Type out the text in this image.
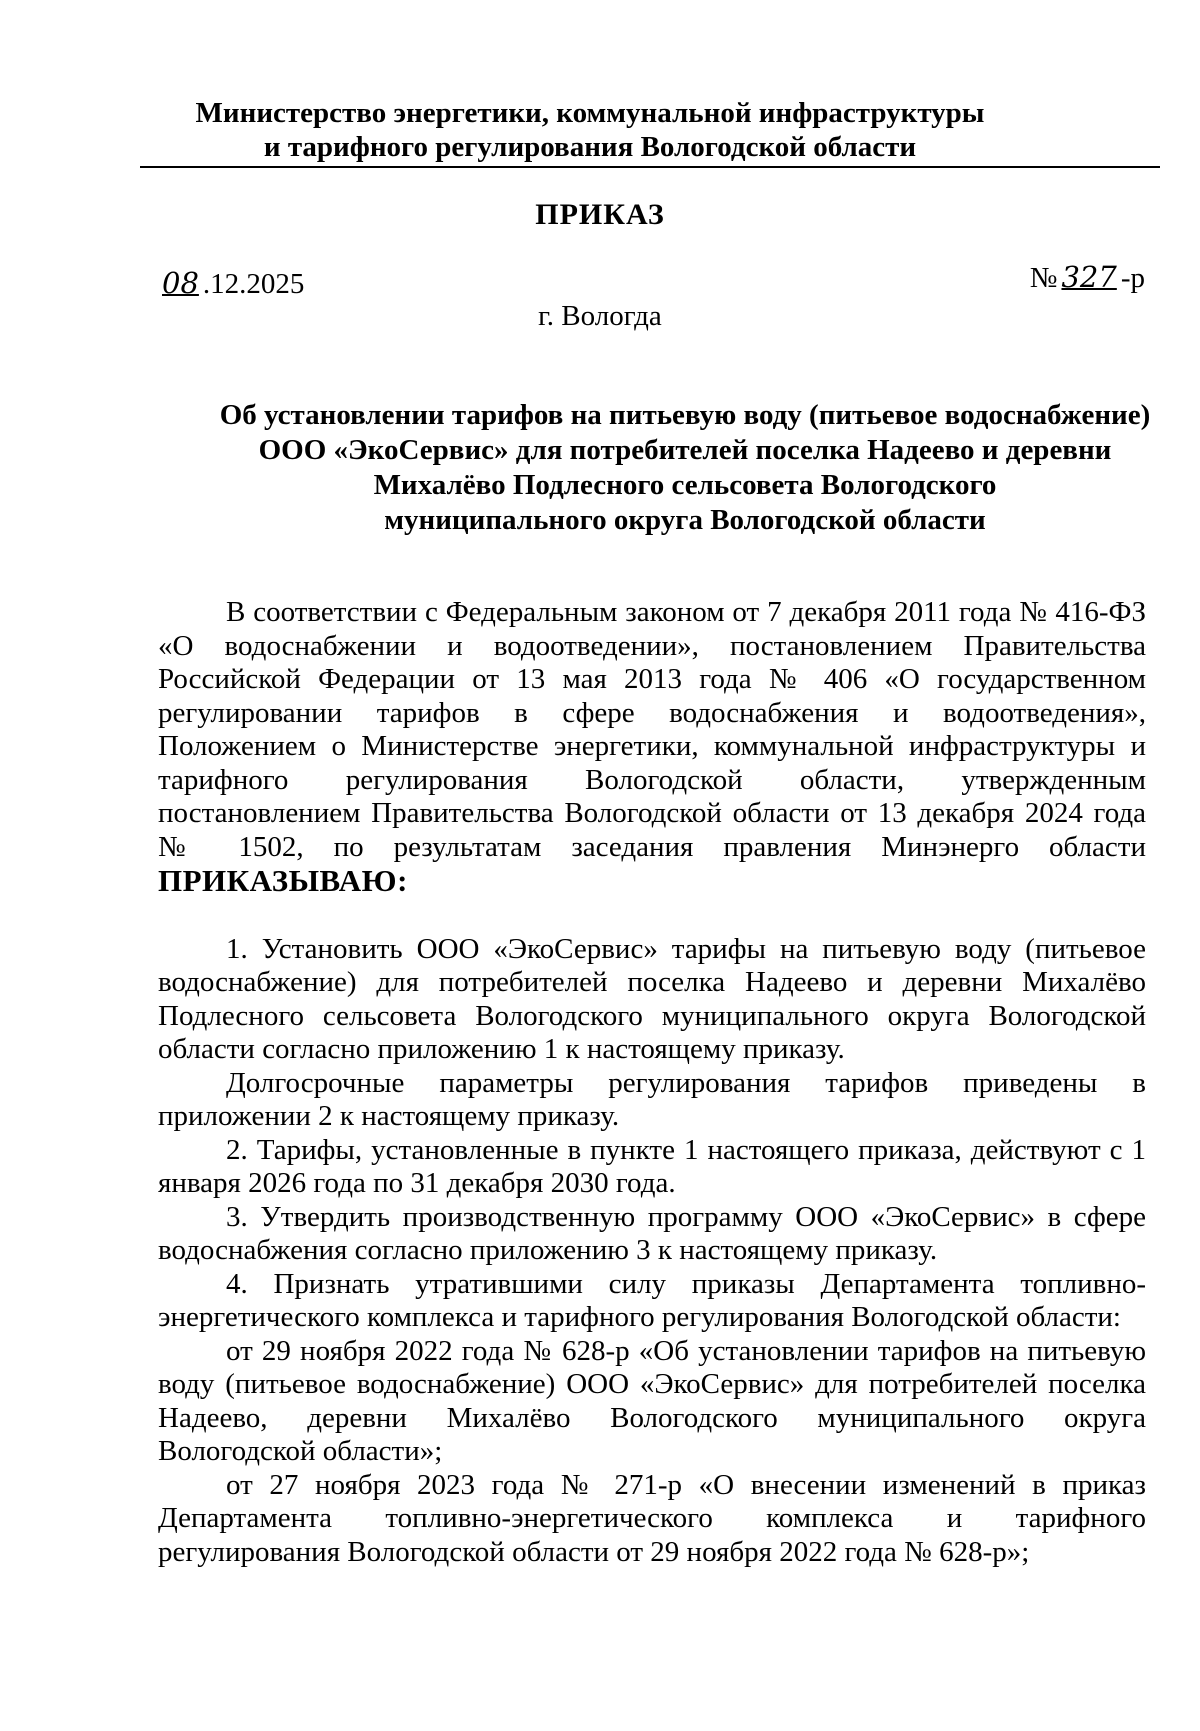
Министерство энергетики, коммунальной инфраструктуры
и тарифного регулирования Вологодской области
ПРИКАЗ
08 .12.2025	№ 327 -р
г. Вологда
Об установлении тарифов на питьевую воду (питьевое водоснабжение)
ООО «ЭкоСервис» для потребителей поселка Надеево и деревни
Михалёво Подлесного сельсовета Вологодского
муниципального округа Вологодской области

В соответствии с Федеральным законом от 7 декабря 2011 года № 416-ФЗ «О водоснабжении и водоотведении», постановлением Правительства Российской Федерации от 13 мая 2013 года № 406 «О государственном регулировании тарифов в сфере водоснабжения и водоотведения», Положением о Министерстве энергетики, коммунальной инфраструктуры и тарифного регулирования Вологодской области, утвержденным постановлением Правительства Вологодской области от 13 декабря 2024 года № 1502, по результатам заседания правления Минэнерго области ПРИКАЗЫВАЮ:

1. Установить ООО «ЭкоСервис» тарифы на питьевую воду (питьевое водоснабжение) для потребителей поселка Надеево и деревни Михалёво Подлесного сельсовета Вологодского муниципального округа Вологодской области согласно приложению 1 к настоящему приказу.

Долгосрочные параметры регулирования тарифов приведены в приложении 2 к настоящему приказу.

2. Тарифы, установленные в пункте 1 настоящего приказа, действуют с 1 января 2026 года по 31 декабря 2030 года.

3. Утвердить производственную программу ООО «ЭкоСервис» в сфере водоснабжения согласно приложению 3 к настоящему приказу.

4. Признать утратившими силу приказы Департамента топливно-энергетического комплекса и тарифного регулирования Вологодской области:

от 29 ноября 2022 года № 628-р «Об установлении тарифов на питьевую воду (питьевое водоснабжение) ООО «ЭкоСервис» для потребителей поселка Надеево, деревни Михалёво Вологодского муниципального округа Вологодской области»;

от 27 ноября 2023 года № 271-р «О внесении изменений в приказ Департамента топливно-энергетического комплекса и тарифного регулирования Вологодской области от 29 ноября 2022 года № 628-р»;
